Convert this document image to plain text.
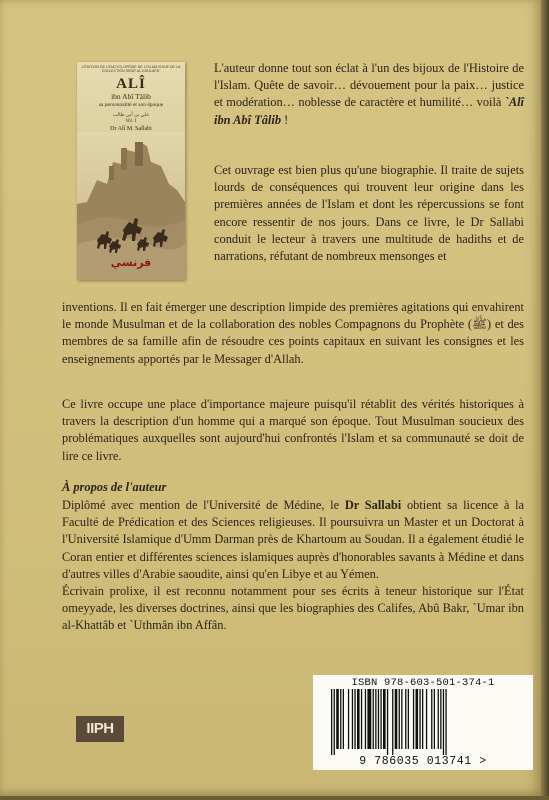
L'ÉDITION DE L'ENCYCLOPÉDIE DE L'ISLAM ISSUE DE LA COLLECTION SIRAT AL-KHULAFĀʾ
ALÎ
ibn Abî Tâlib
sa personnalité et son époque
علي بن أبي طالب
Vol. 1
Dr Alî M. Sallabi
فرنسي
L'auteur donne tout son éclat à l'un des bijoux de l'Histoire de l'Islam. Quête de savoir… dévouement pour la paix… justice et modération… noblesse de caractère et humilité… voilà `Alî ibn Abî Tâlib !
Cet ouvrage est bien plus qu'une biographie. Il traite de sujets lourds de conséquences qui trouvent leur origine dans les premières années de l'Islam et dont les répercussions se font encore ressentir de nos jours. Dans ce livre, le Dr Sallabi conduit le lecteur à travers une multitude de hadiths et de narrations, réfutant de nombreux mensonges et
inventions. Il en fait émerger une description limpide des premières agitations qui envahirent le monde Musulman et de la collaboration des nobles Compagnons du Prophète (ﷺ) et des membres de sa famille afin de résoudre ces points capitaux en suivant les consignes et les enseignements apportés par le Messager d'Allah.
Ce livre occupe une place d'importance majeure puisqu'il rétablit des vérités historiques à travers la description d'un homme qui a marqué son époque. Tout Musulman soucieux des problématiques auxquelles sont aujourd'hui confrontés l'Islam et sa communauté se doit de lire ce livre.
À propos de l'auteur
Diplômé avec mention de l'Université de Médine, le Dr Sallabi obtient sa licence à la Faculté de Prédication et des Sciences religieuses. Il poursuivra un Master et un Doctorat à l'Université Islamique d'Umm Darman près de Khartoum au Soudan. Il a également étudié le Coran entier et différentes sciences islamiques auprès d'honorables savants à Médine et dans d'autres villes d'Arabie saoudite, ainsi qu'en Libye et au Yémen.
Écrivain prolixe, il est reconnu notamment pour ses écrits à teneur historique sur l'État omeyyade, les diverses doctrines, ainsi que les biographies des Califes, Abû Bakr, `Umar ibn al-Khattâb et `Uthmân ibn Affân.
IIPH
ISBN 978-603-501-374-1
9 786035 013741 >
